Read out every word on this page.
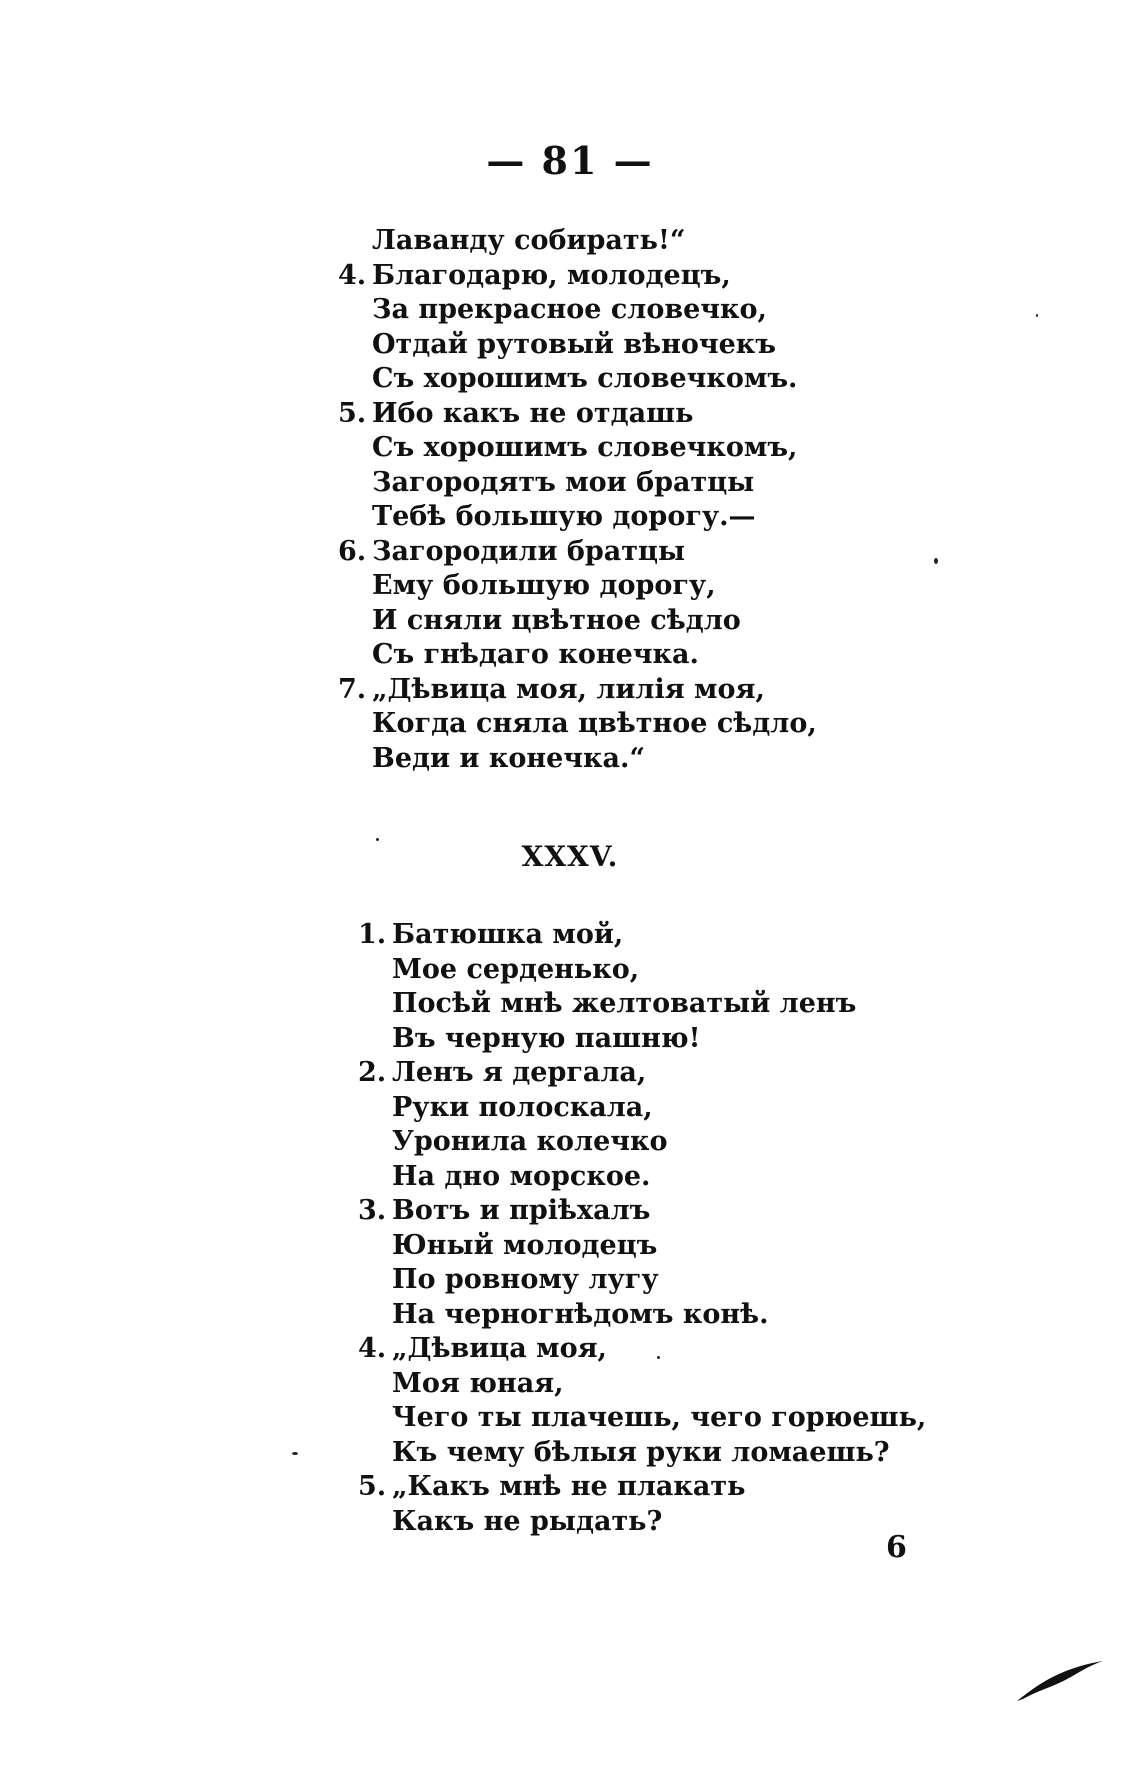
— 81 —
Лаванду собирать!“
4. Благодарю, молодецъ,
За прекрасное словечко,
Отдай рутовый вѣночекъ
Съ хорошимъ словечкомъ.
5. Ибо какъ не отдашь
Съ хорошимъ словечкомъ,
Загородятъ мои братцы
Тебѣ большую дорогу.—
6. Загородили братцы
Ему большую дорогу,
И сняли цвѣтное сѣдло
Съ гнѣдаго конечка.
7. „Дѣвица моя, лилія моя,
Когда сняла цвѣтное сѣдло,
Веди и конечка.“
XXXV.
1. Батюшка мой,
Мое серденько,
Посѣй мнѣ желтоватый ленъ
Въ черную пашню!
2. Ленъ я дергала,
Руки полоскала,
Уронила колечко
На дно морское.
3. Вотъ и пріѣхалъ
Юный молодецъ
По ровному лугу
На черногнѣдомъ конѣ.
4. „Дѣвица моя,
Моя юная,
Чего ты плачешь, чего горюешь,
Къ чему бѣлыя руки ломаешь?
5. „Какъ мнѣ не плакать
Какъ не рыдать?
6
